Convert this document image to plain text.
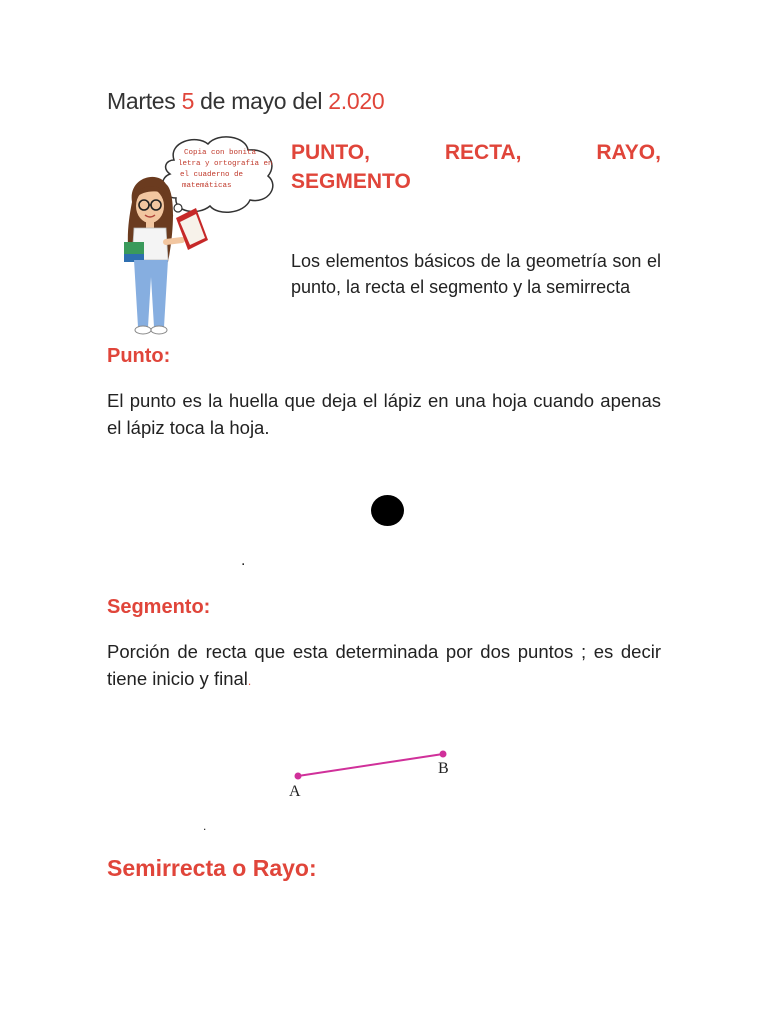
Martes 5 de mayo del 2.020
Copia con bonita
letra y ortografía en
el cuaderno de
matemáticas
PUNTO,	RECTA,	RAYO,
SEGMENTO
Los elementos básicos de la geometría son el punto, la recta el segmento y la semirrecta
Punto:
El punto es la huella que deja el lápiz en una hoja cuando apenas el lápiz toca la hoja.
.
Segmento:
Porción de recta que esta determinada por dos puntos ; es decir tiene inicio y final.
A
B
.
Semirrecta o Rayo:
